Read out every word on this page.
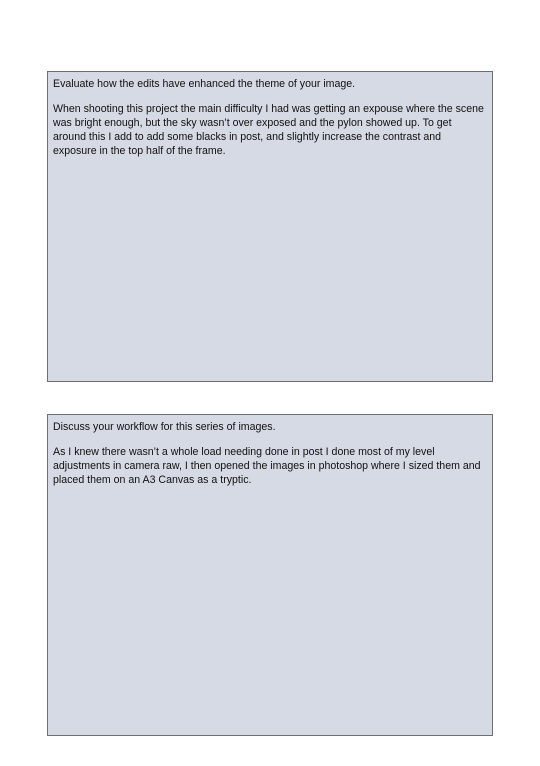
Evaluate how the edits have enhanced the theme of your image.

When shooting this project the main difficulty I had was getting an expouse where the scene was bright enough, but the sky wasn’t over exposed and the pylon showed up. To get around this I add to add some blacks in post, and slightly increase the contrast and exposure in the top half of the frame.

Discuss your workflow for this series of images.

As I knew there wasn’t a whole load needing done in post I done most of my level adjustments in camera raw, I then opened the images in photoshop where I sized them and placed them on an A3 Canvas as a tryptic.
